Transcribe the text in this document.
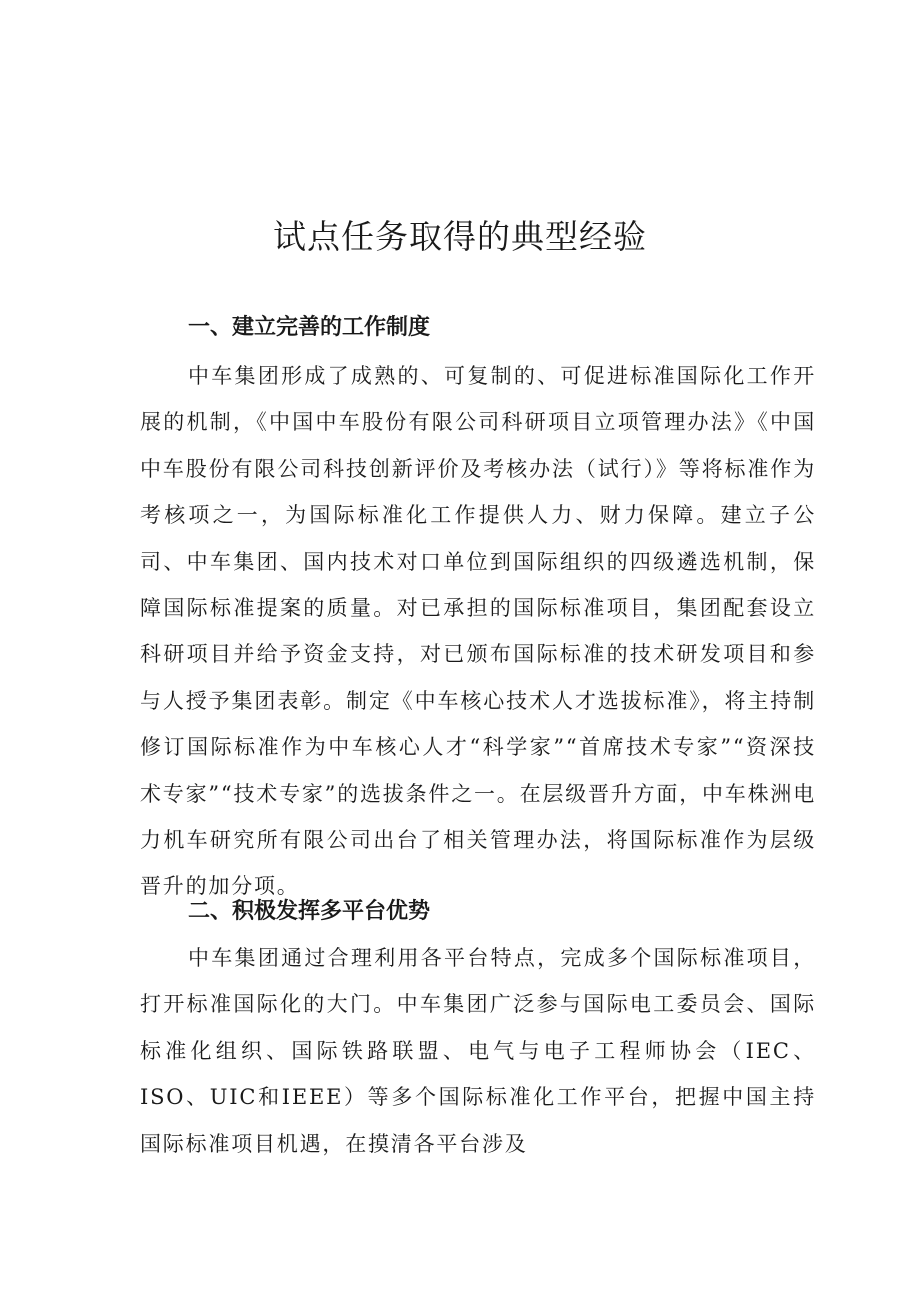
试点任务取得的典型经验
一、建立完善的工作制度

中车集团形成了成熟的、可复制的、可促进标准国际化工作开展的机制，《中国中车股份有限公司科研项目立项管理办法》《中国中车股份有限公司科技创新评价及考核办法（试行）》等将标准作为考核项之一，为国际标准化工作提供人力、财力保障。建立子公司、中车集团、国内技术对口单位到国际组织的四级遴选机制，保障国际标准提案的质量。对已承担的国际标准项目，集团配套设立科研项目并给予资金支持，对已颁布国际标准的技术研发项目和参与人授予集团表彰。制定《中车核心技术人才选拔标准》，将主持制修订国际标准作为中车核心人才“科学家”“首席技术专家”“资深技术专家”“技术专家”的选拔条件之一。在层级晋升方面，中车株洲电力机车研究所有限公司出台了相关管理办法，将国际标准作为层级晋升的加分项。

二、积极发挥多平台优势

中车集团通过合理利用各平台特点，完成多个国际标准项目，打开标准国际化的大门。中车集团广泛参与国际电工委员会、国际标准化组织、国际铁路联盟、电气与电子工程师协会（IEC、ISO、UIC和IEEE）等多个国际标准化工作平台，把握中国主持国际标准项目机遇，在摸清各平台涉及
